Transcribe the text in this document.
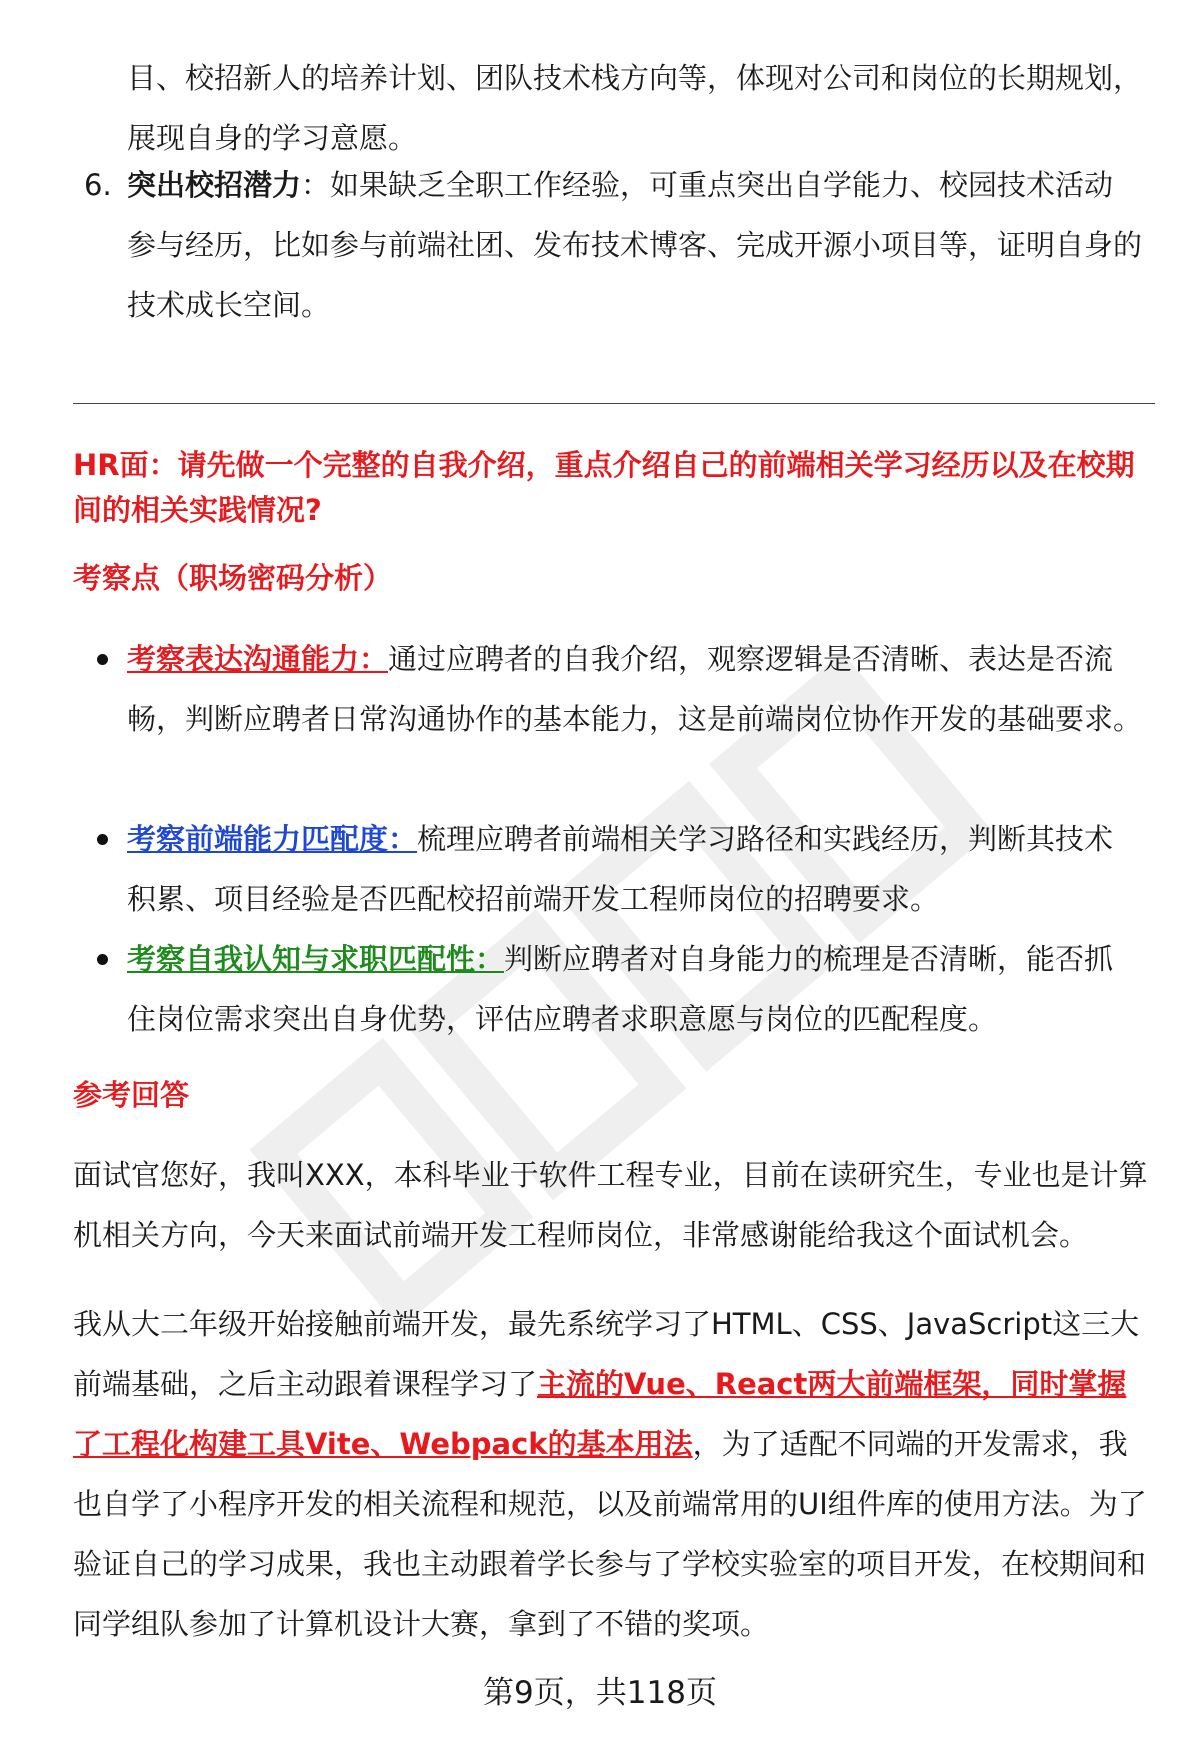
目、校招新人的培养计划、团队技术栈方向等，体现对公司和岗位的长期规划，展现自身的学习意愿。

6. 突出校招潜力：如果缺乏全职工作经验，可重点突出自学能力、校园技术活动参与经历，比如参与前端社团、发布技术博客、完成开源小项目等，证明自身的技术成长空间。

HR面：请先做一个完整的自我介绍，重点介绍自己的前端相关学习经历以及在校期间的相关实践情况?

考察点（职场密码分析）

考察表达沟通能力：通过应聘者的自我介绍，观察逻辑是否清晰、表达是否流畅，判断应聘者日常沟通协作的基本能力，这是前端岗位协作开发的基础要求。

考察前端能力匹配度：梳理应聘者前端相关学习路径和实践经历，判断其技术积累、项目经验是否匹配校招前端开发工程师岗位的招聘要求。

考察自我认知与求职匹配性：判断应聘者对自身能力的梳理是否清晰，能否抓住岗位需求突出自身优势，评估应聘者求职意愿与岗位的匹配程度。

参考回答

面试官您好，我叫XXX，本科毕业于软件工程专业，目前在读研究生，专业也是计算机相关方向，今天来面试前端开发工程师岗位，非常感谢能给我这个面试机会。

我从大二年级开始接触前端开发，最先系统学习了HTML、CSS、JavaScript这三大前端基础，之后主动跟着课程学习了主流的Vue、React两大前端框架，同时掌握了工程化构建工具Vite、Webpack的基本用法，为了适配不同端的开发需求，我也自学了小程序开发的相关流程和规范，以及前端常用的UI组件库的使用方法。为了验证自己的学习成果，我也主动跟着学长参与了学校实验室的项目开发，在校期间和同学组队参加了计算机设计大赛，拿到了不错的奖项。

第9页，共118页
